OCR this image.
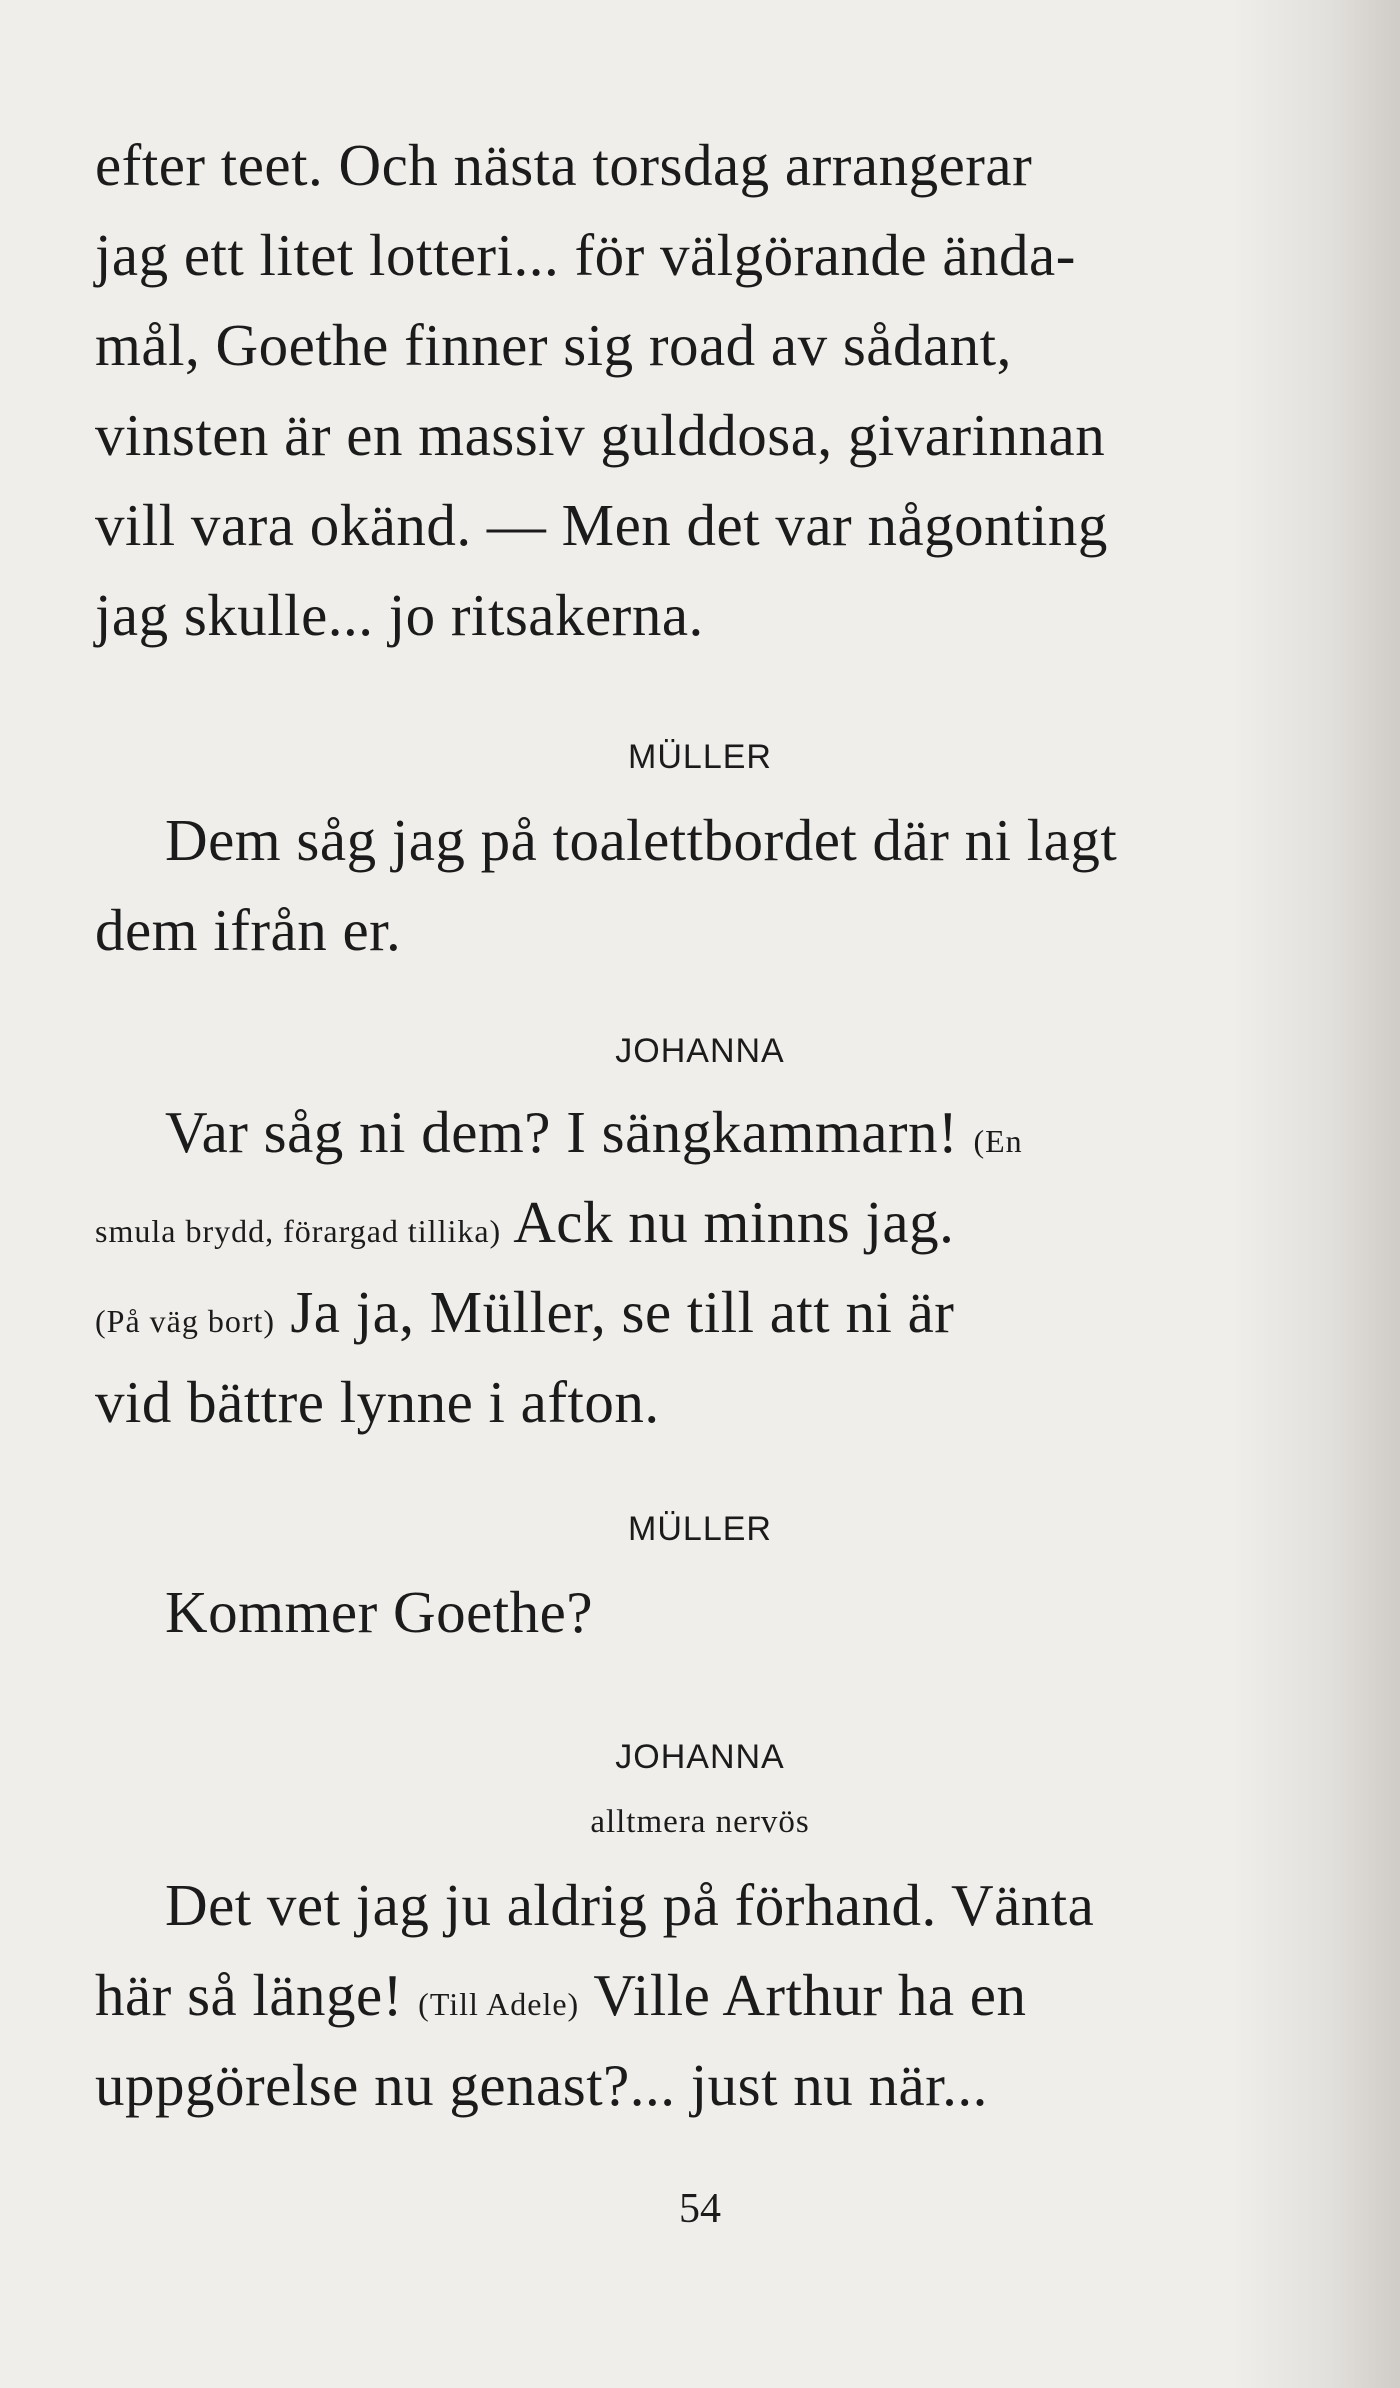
efter teet. Och nästa torsdag arrangerar
jag ett litet lotteri... för välgörande ända-
mål, Goethe finner sig road av sådant,
vinsten är en massiv gulddosa, givarinnan
vill vara okänd. — Men det var någonting
jag skulle... jo ritsakerna.
MÜLLER
Dem såg jag på toalettbordet där ni lagt
dem ifrån er.
JOHANNA
Var såg ni dem? I sängkammarn! (En
smula brydd, förargad tillika) Ack nu minns jag.
(På väg bort) Ja ja, Müller, se till att ni är
vid bättre lynne i afton.
MÜLLER
Kommer Goethe?
JOHANNA
alltmera nervös
Det vet jag ju aldrig på förhand. Vänta
här så länge! (Till Adele) Ville Arthur ha en
uppgörelse nu genast?... just nu när...
54
